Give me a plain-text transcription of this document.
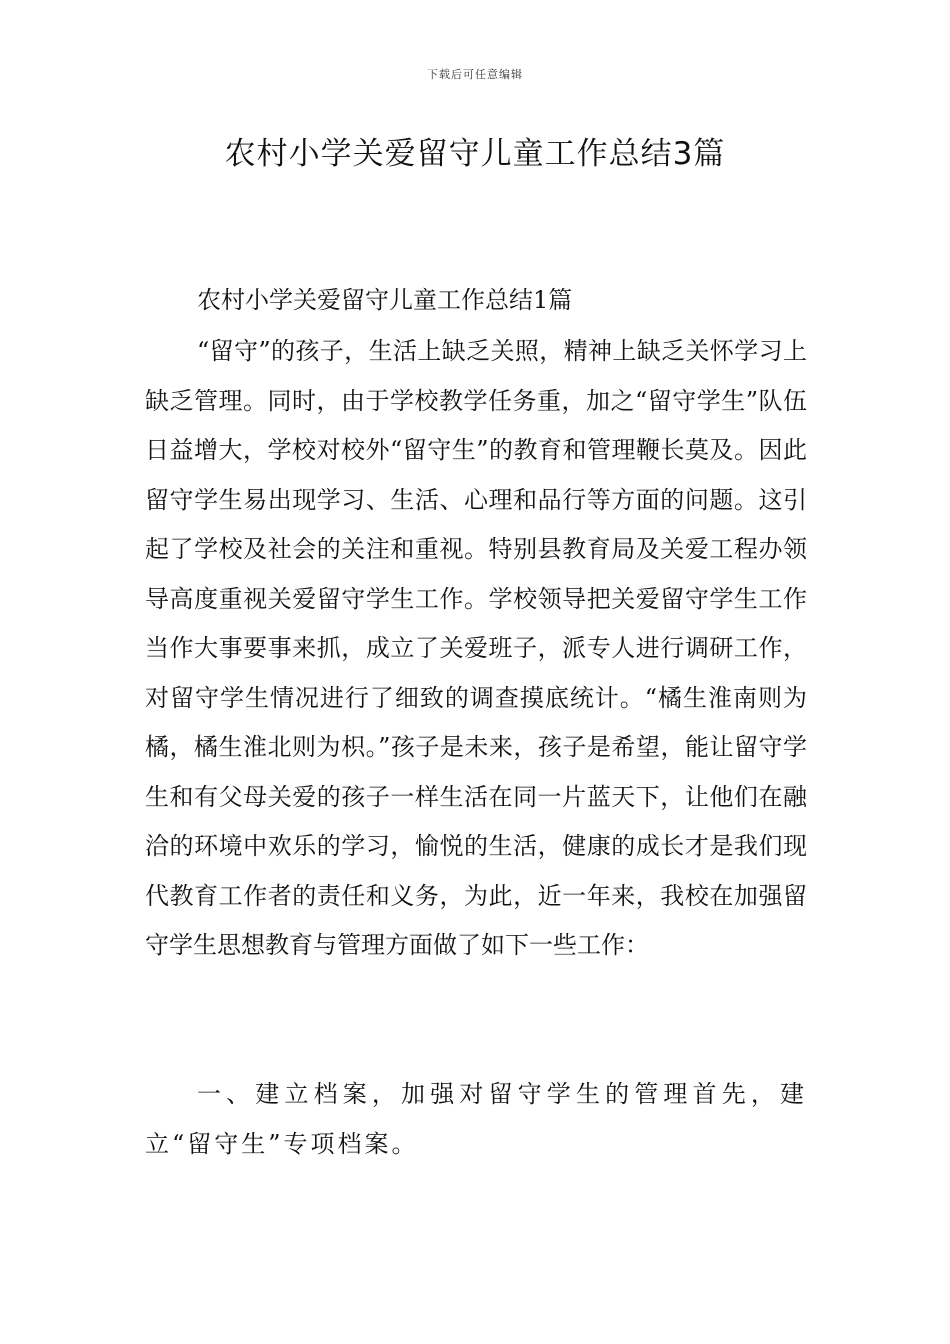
下载后可任意编辑
农村小学关爱留守儿童工作总结3篇

农村小学关爱留守儿童工作总结1篇

“留守”的孩子，生活上缺乏关照，精神上缺乏关怀学习上缺乏管理。同时，由于学校教学任务重，加之“留守学生”队伍日益增大，学校对校外“留守生”的教育和管理鞭长莫及。因此留守学生易出现学习、生活、心理和品行等方面的问题。这引起了学校及社会的关注和重视。特别县教育局及关爱工程办领导高度重视关爱留守学生工作。学校领导把关爱留守学生工作当作大事要事来抓，成立了关爱班子，派专人进行调研工作，对留守学生情况进行了细致的调查摸底统计。“橘生淮南则为橘，橘生淮北则为枳。”孩子是未来，孩子是希望，能让留守学生和有父母关爱的孩子一样生活在同一片蓝天下，让他们在融洽的环境中欢乐的学习，愉悦的生活，健康的成长才是我们现代教育工作者的责任和义务，为此，近一年来，我校在加强留守学生思想教育与管理方面做了如下一些工作：

一、建立档案，加强对留守学生的管理首先，建立“留守生”专项档案。
